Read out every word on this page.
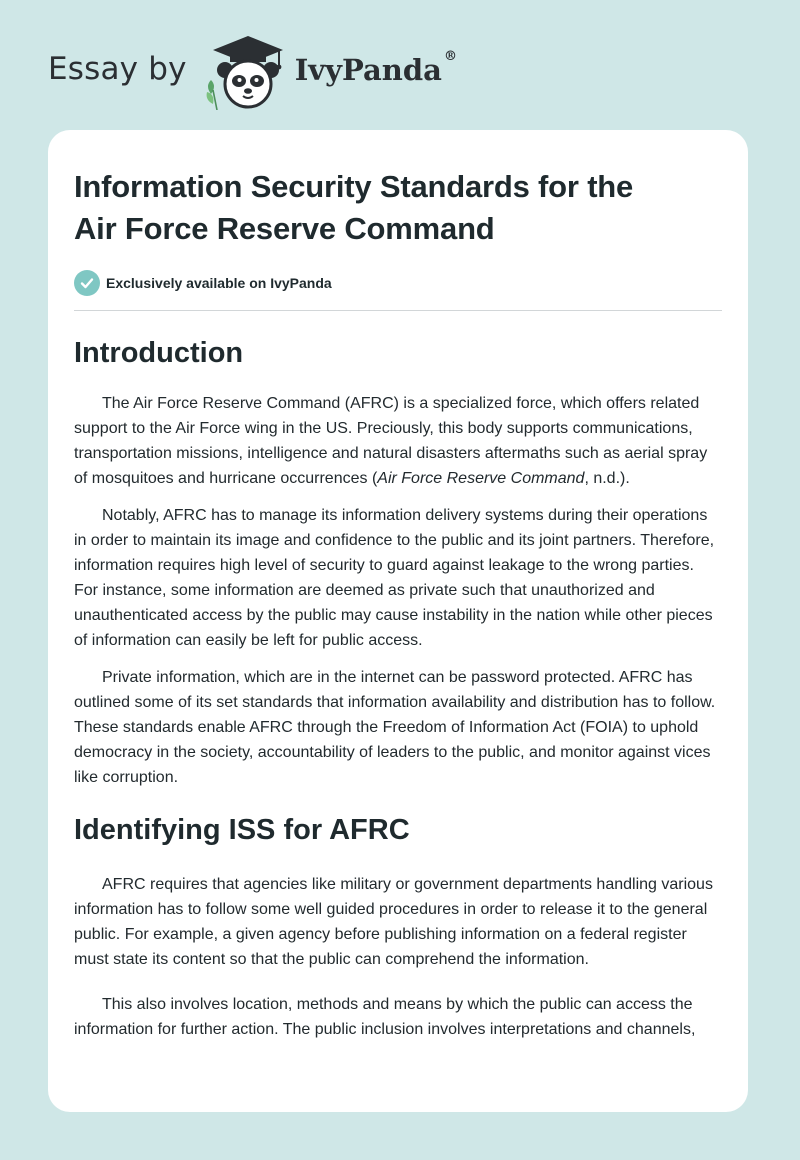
Essay by	IvyPanda ®
Information Security Standards for the
Air Force Reserve Command
Exclusively available on IvyPanda
Introduction

The Air Force Reserve Command (AFRC) is a specialized force, which offers related support to the Air Force wing in the US. Preciously, this body supports communications, transportation missions, intelligence and natural disasters aftermaths such as aerial spray of mosquitoes and hurricane occurrences (Air Force Reserve Command, n.d.).

Notably, AFRC has to manage its information delivery systems during their operations in order to maintain its image and confidence to the public and its joint partners. Therefore, information requires high level of security to guard against leakage to the wrong parties. For instance, some information are deemed as private such that unauthorized and unauthenticated access by the public may cause instability in the nation while other pieces of information can easily be left for public access.

Private information, which are in the internet can be password protected. AFRC has outlined some of its set standards that information availability and distribution has to follow. These standards enable AFRC through the Freedom of Information Act (FOIA) to uphold democracy in the society, accountability of leaders to the public, and monitor against vices like corruption.

Identifying ISS for AFRC

AFRC requires that agencies like military or government departments handling various information has to follow some well guided procedures in order to release it to the general public. For example, a given agency before publishing information on a federal register must state its content so that the public can comprehend the information.

This also involves location, methods and means by which the public can access the information for further action. The public inclusion involves interpretations and channels,
